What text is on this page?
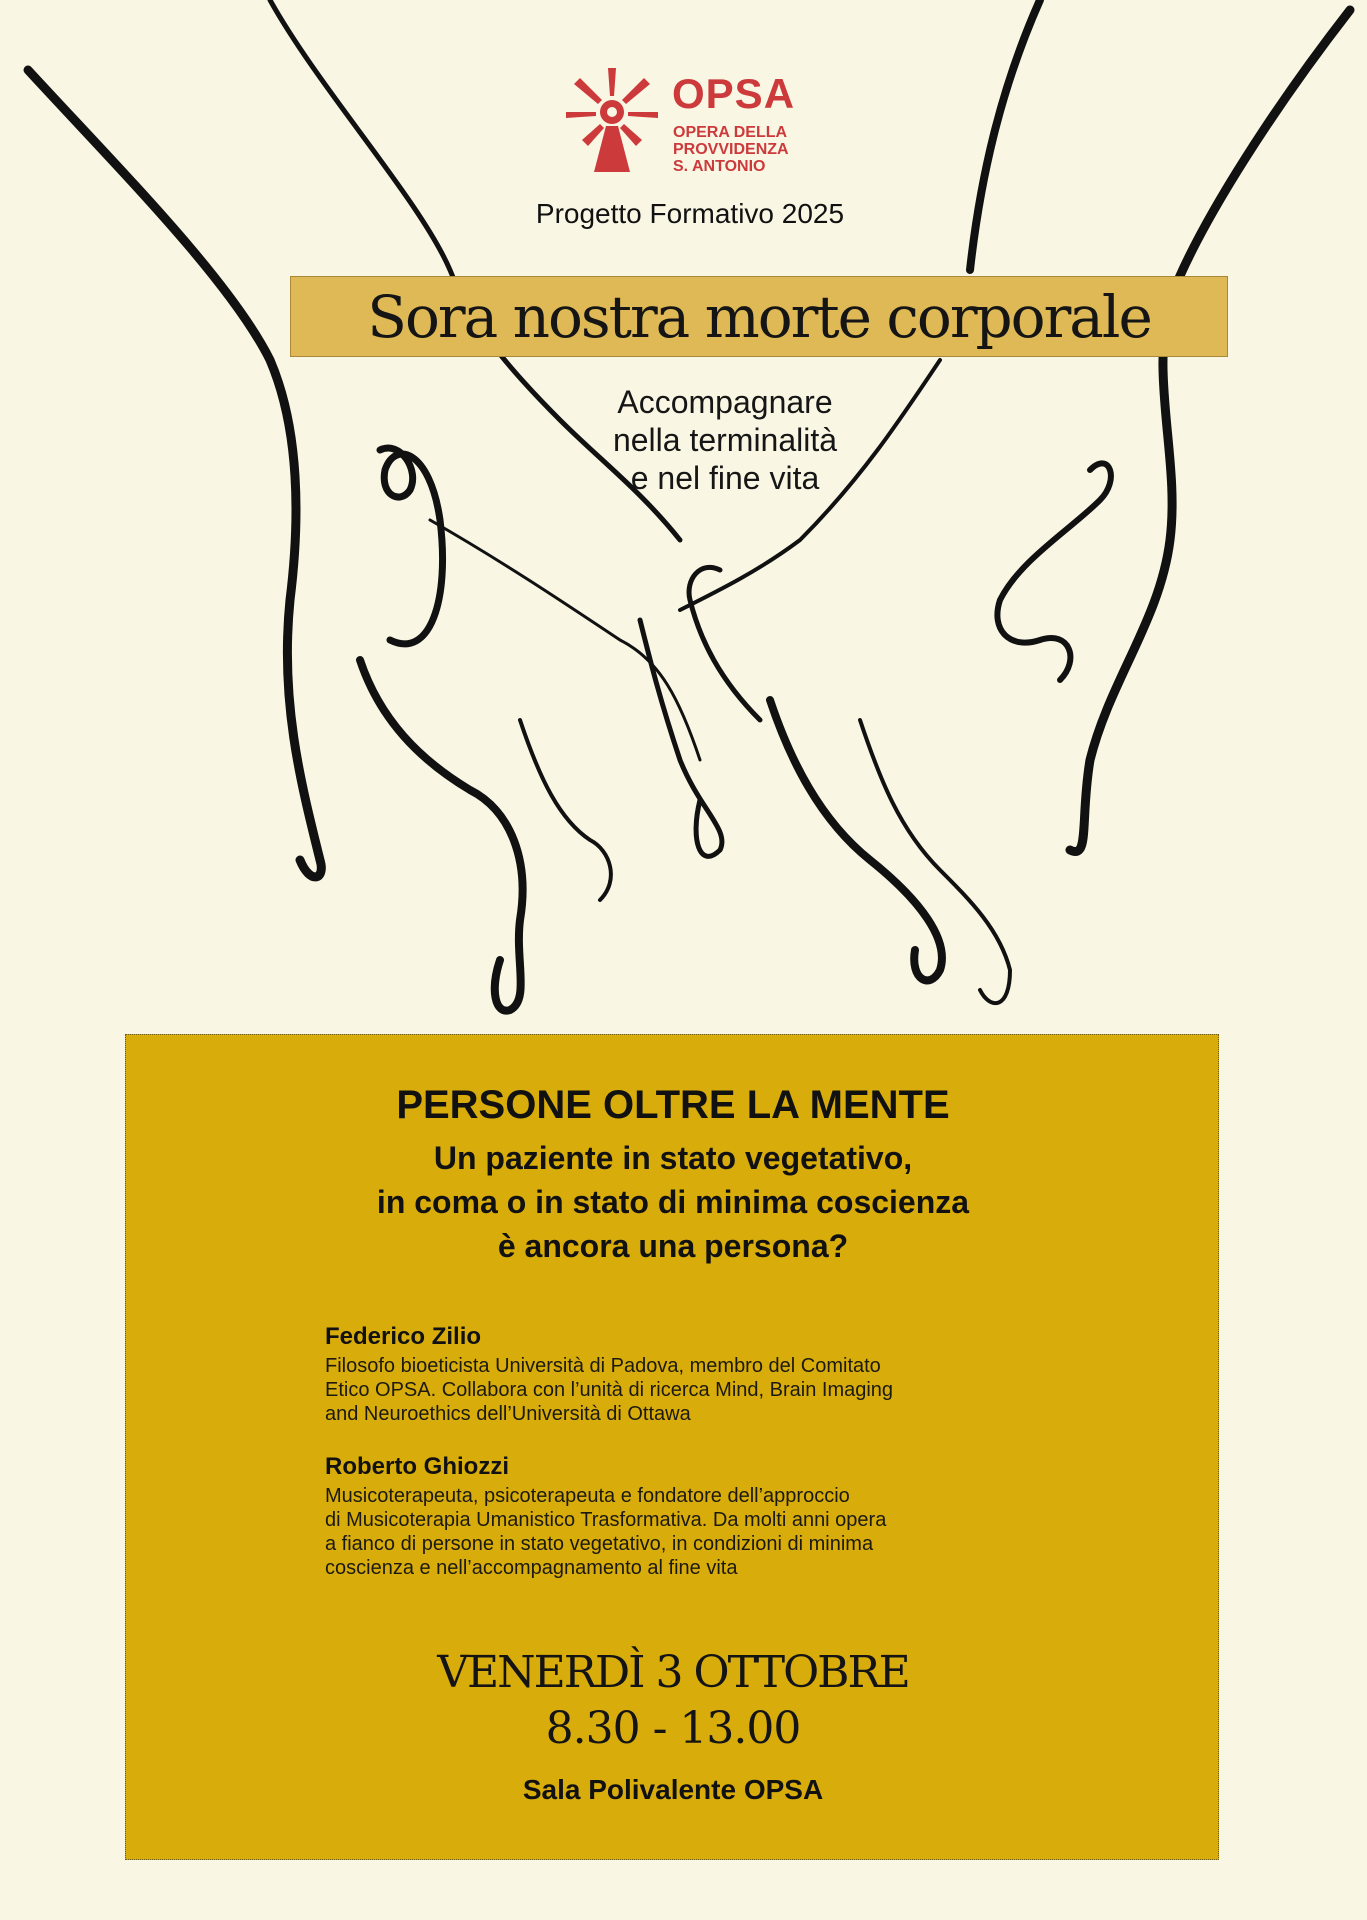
OPSA
OPERA DELLA
PROVVIDENZA
S. ANTONIO
Progetto Formativo 2025
Sora nostra morte corporale
Accompagnare
nella terminalità
e nel fine vita
PERSONE OLTRE LA MENTE
Un paziente in stato vegetativo,
in coma o in stato di minima coscienza
è ancora una persona?
Federico Zilio
Filosofo bioeticista Università di Padova, membro del Comitato
Etico OPSA. Collabora con l’unità di ricerca Mind, Brain Imaging
and Neuroethics dell’Università di Ottawa
Roberto Ghiozzi
Musicoterapeuta, psicoterapeuta e fondatore dell’approccio
di Musicoterapia Umanistico Trasformativa. Da molti anni opera
a fianco di persone in stato vegetativo, in condizioni di minima
coscienza e nell’accompagnamento al fine vita
VENERDÌ 3 OTTOBRE
8.30 - 13.00
Sala Polivalente OPSA
